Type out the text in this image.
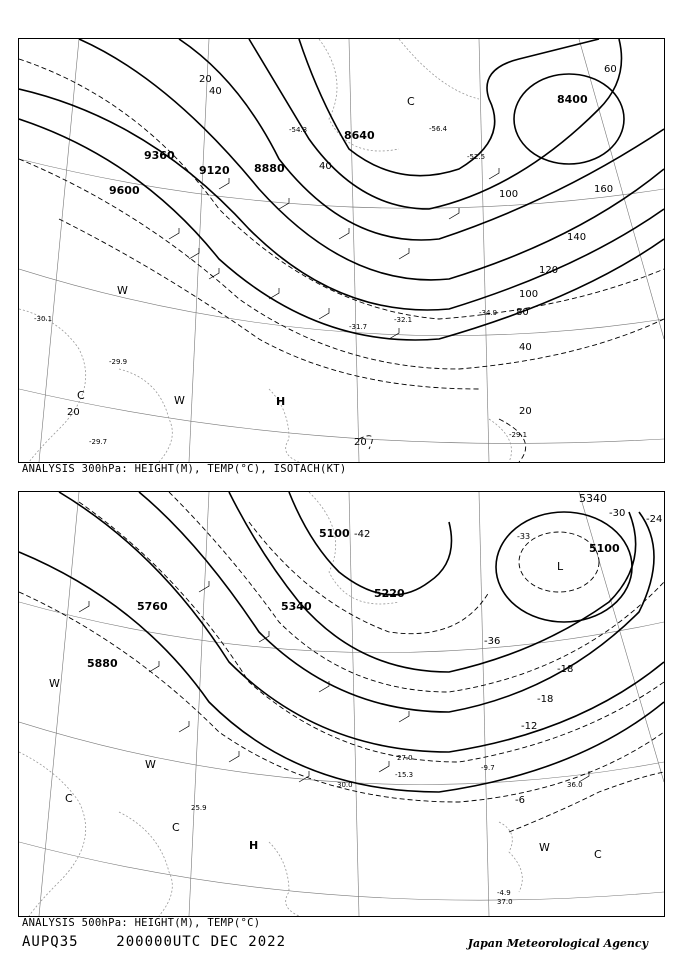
9600
9120 8880
8640
8400
9360
20
20
20
20
40
40
40
60
80
100
100
120
140
160
-30.1
-29.9
-31.7
-32.1
-34.9
-29.1
-29.7
-52.5
-56.4
-54.3
W
C	W	H
C
ANALYSIS 300hPa: HEIGHT(M), TEMP(°C), ISOTACH(KT)
5760
5880
5340
5100
5220
5100
5340
-42
-30
-18
-18
-12
-6
-36
-33
-9.7
-15.3
-4.9
-24
37.0
36.0
30.0
27.0
25.9
W
C
W
C
H	W
C
L
ANALYSIS 500hPa: HEIGHT(M), TEMP(°C)
AUPQ35	200000UTC DEC 2022	Japan Meteorological Agency
